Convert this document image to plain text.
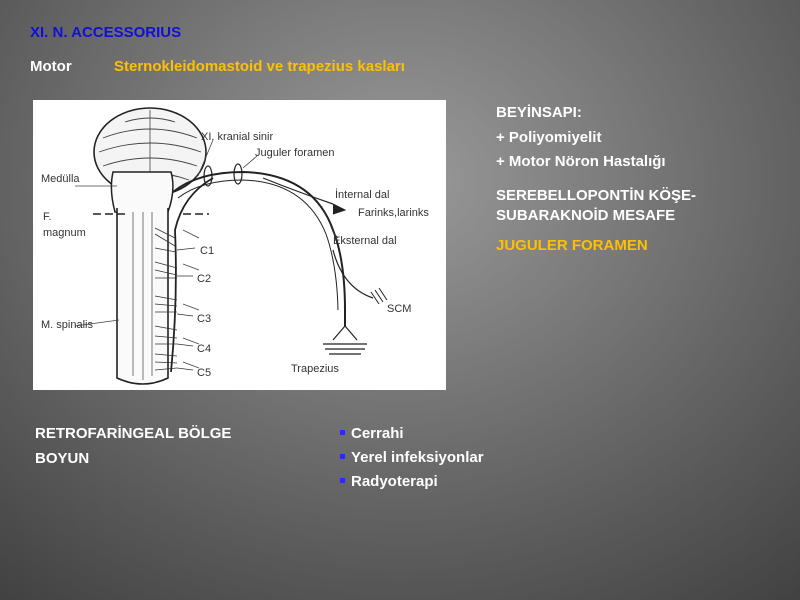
XI. N. ACCESSORIUS
Motor	Sternokleidomastoid ve trapezius kasları
XI. kranial sinir
Juguler foramen
Medülla
İnternal dal
Farinks,larinks
F.
magnum
Eksternal dal
C1
C2
C3
C4
C5
SCM
M. spinalis
Trapezius
BEYİNSAPI:
+ Poliyomiyelit
+ Motor Nöron Hastalığı
SEREBELLOPONTİN KÖŞE-
SUBARAKNOİD MESAFE
JUGULER FORAMEN
RETROFARİNGEAL BÖLGE
BOYUN
Cerrahi
Yerel infeksiyonlar
Radyoterapi
